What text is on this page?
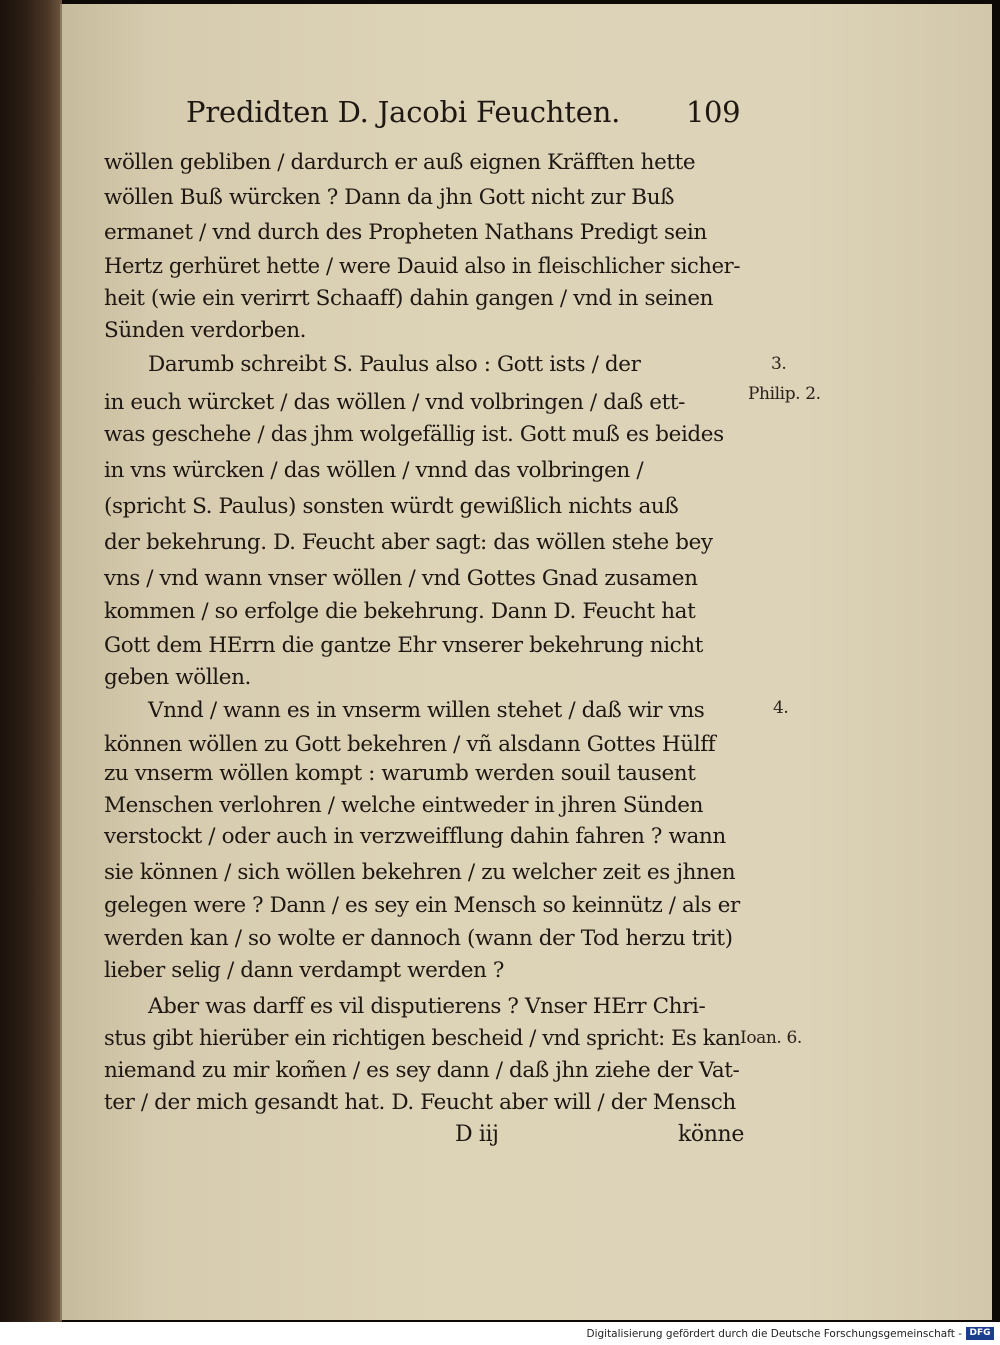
Predidten D. Jacobi Feuchten. 109
wöllen gebliben / dardurch er auß eignen Kräfften hette
wöllen Buß würcken ? Dann da jhn Gott nicht zur Buß
ermanet / vnd durch des Propheten Nathans Predigt sein
Hertz gerhüret hette / were Dauid also in fleischlicher sicher-
heit (wie ein verirrt Schaaff) dahin gangen / vnd in seinen
Sünden verdorben.
Darumb schreibt S. Paulus also : Gott ists / der
in euch würcket / das wöllen / vnd volbringen / daß ett-
was geschehe / das jhm wolgefällig ist. Gott muß es beides
in vns würcken / das wöllen / vnnd das volbringen /
(spricht S. Paulus) sonsten würdt gewißlich nichts auß
der bekehrung. D. Feucht aber sagt: das wöllen stehe bey
vns / vnd wann vnser wöllen / vnd Gottes Gnad zusamen
kommen / so erfolge die bekehrung. Dann D. Feucht hat
Gott dem HErrn die gantze Ehr vnserer bekehrung nicht
geben wöllen.
Vnnd / wann es in vnserm willen stehet / daß wir vns
können wöllen zu Gott bekehren / vñ alsdann Gottes Hülff
zu vnserm wöllen kompt : warumb werden souil tausent
Menschen verlohren / welche eintweder in jhren Sünden
verstockt / oder auch in verzweifflung dahin fahren ? wann
sie können / sich wöllen bekehren / zu welcher zeit es jhnen
gelegen were ? Dann / es sey ein Mensch so keinnütz / als er
werden kan / so wolte er dannoch (wann der Tod herzu trit)
lieber selig / dann verdampt werden ?
Aber was darff es vil disputierens ? Vnser HErr Chri-
stus gibt hierüber ein richtigen bescheid / vnd spricht: Es kan
niemand zu mir kom̃en / es sey dann / daß jhn ziehe der Vat-
ter / der mich gesandt hat. D. Feucht aber will / der Mensch
D iij	könne
3.
Philip. 2.
4.
Ioan. 6.
Digitalisierung gefördert durch die Deutsche Forschungsgemeinschaft - DFG
